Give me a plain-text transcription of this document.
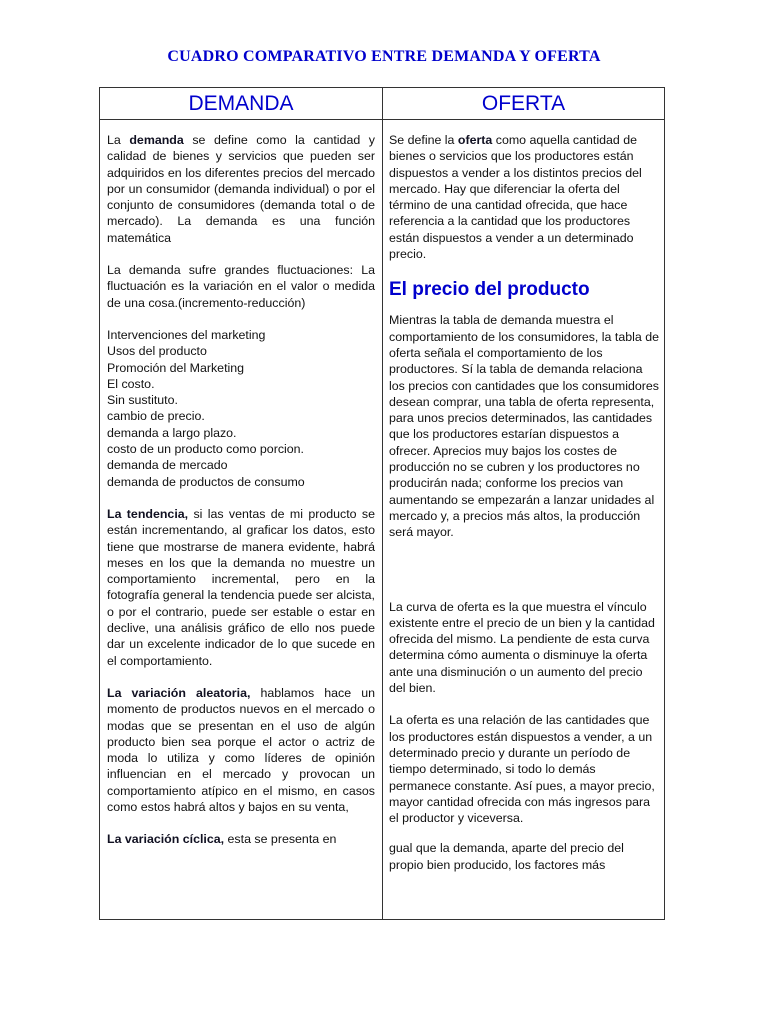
CUADRO COMPARATIVO ENTRE DEMANDA Y OFERTA
DEMANDA	OFERTA

La demanda se define como la cantidad y calidad de bienes y servicios que pueden ser adquiridos en los diferentes precios del mercado por un consumidor (demanda individual) o por el conjunto de consumidores (demanda total o de mercado). La demanda es una función matemática

La demanda sufre grandes fluctuaciones: La fluctuación es la variación en el valor o medida de una cosa.(incremento-reducción)

Intervenciones del marketing
Usos del producto
Promoción del Marketing
El costo.
Sin sustituto.
cambio de precio.
demanda a largo plazo.
costo de un producto como porcion.
demanda de mercado
demanda de productos de consumo

La tendencia, si las ventas de mi producto se están incrementando, al graficar los datos, esto tiene que mostrarse de manera evidente, habrá meses en los que la demanda no muestre un comportamiento incremental, pero en la fotografía general la tendencia puede ser alcista, o por el contrario, puede ser estable o estar en declive, una análisis gráfico de ello nos puede dar un excelente indicador de lo que sucede en el comportamiento.

La variación aleatoria, hablamos hace un momento de productos nuevos en el mercado o modas que se presentan en el uso de algún producto bien sea porque el actor o actriz de moda lo utiliza y como líderes de opinión influencian en el mercado y provocan un comportamiento atípico en el mismo, en casos como estos habrá altos y bajos en su venta,

La variación cíclica, esta se presenta en

Se define la oferta como aquella cantidad de bienes o servicios que los productores están dispuestos a vender a los distintos precios del mercado. Hay que diferenciar la oferta del término de una cantidad ofrecida, que hace referencia a la cantidad que los productores están dispuestos a vender a un determinado precio.

El precio del producto

Mientras la tabla de demanda muestra el comportamiento de los consumidores, la tabla de oferta señala el comportamiento de los productores. Sí la tabla de demanda relaciona los precios con cantidades que los consumidores desean comprar, una tabla de oferta representa, para unos precios determinados, las cantidades que los productores estarían dispuestos a ofrecer. Aprecios muy bajos los costes de producción no se cubren y los productores no producirán nada; conforme los precios van aumentando se empezarán a lanzar unidades al mercado y, a precios más altos, la producción será mayor.

La curva de oferta es la que muestra el vínculo existente entre el precio de un bien y la cantidad ofrecida del mismo. La pendiente de esta curva determina cómo aumenta o disminuye la oferta ante una disminución o un aumento del precio del bien.

La oferta es una relación de las cantidades que los productores están dispuestos a vender, a un determinado precio y durante un período de tiempo determinado, si todo lo demás permanece constante. Así pues, a mayor precio, mayor cantidad ofrecida con más ingresos para el productor y viceversa.

gual que la demanda, aparte del precio del propio bien producido, los factores más
